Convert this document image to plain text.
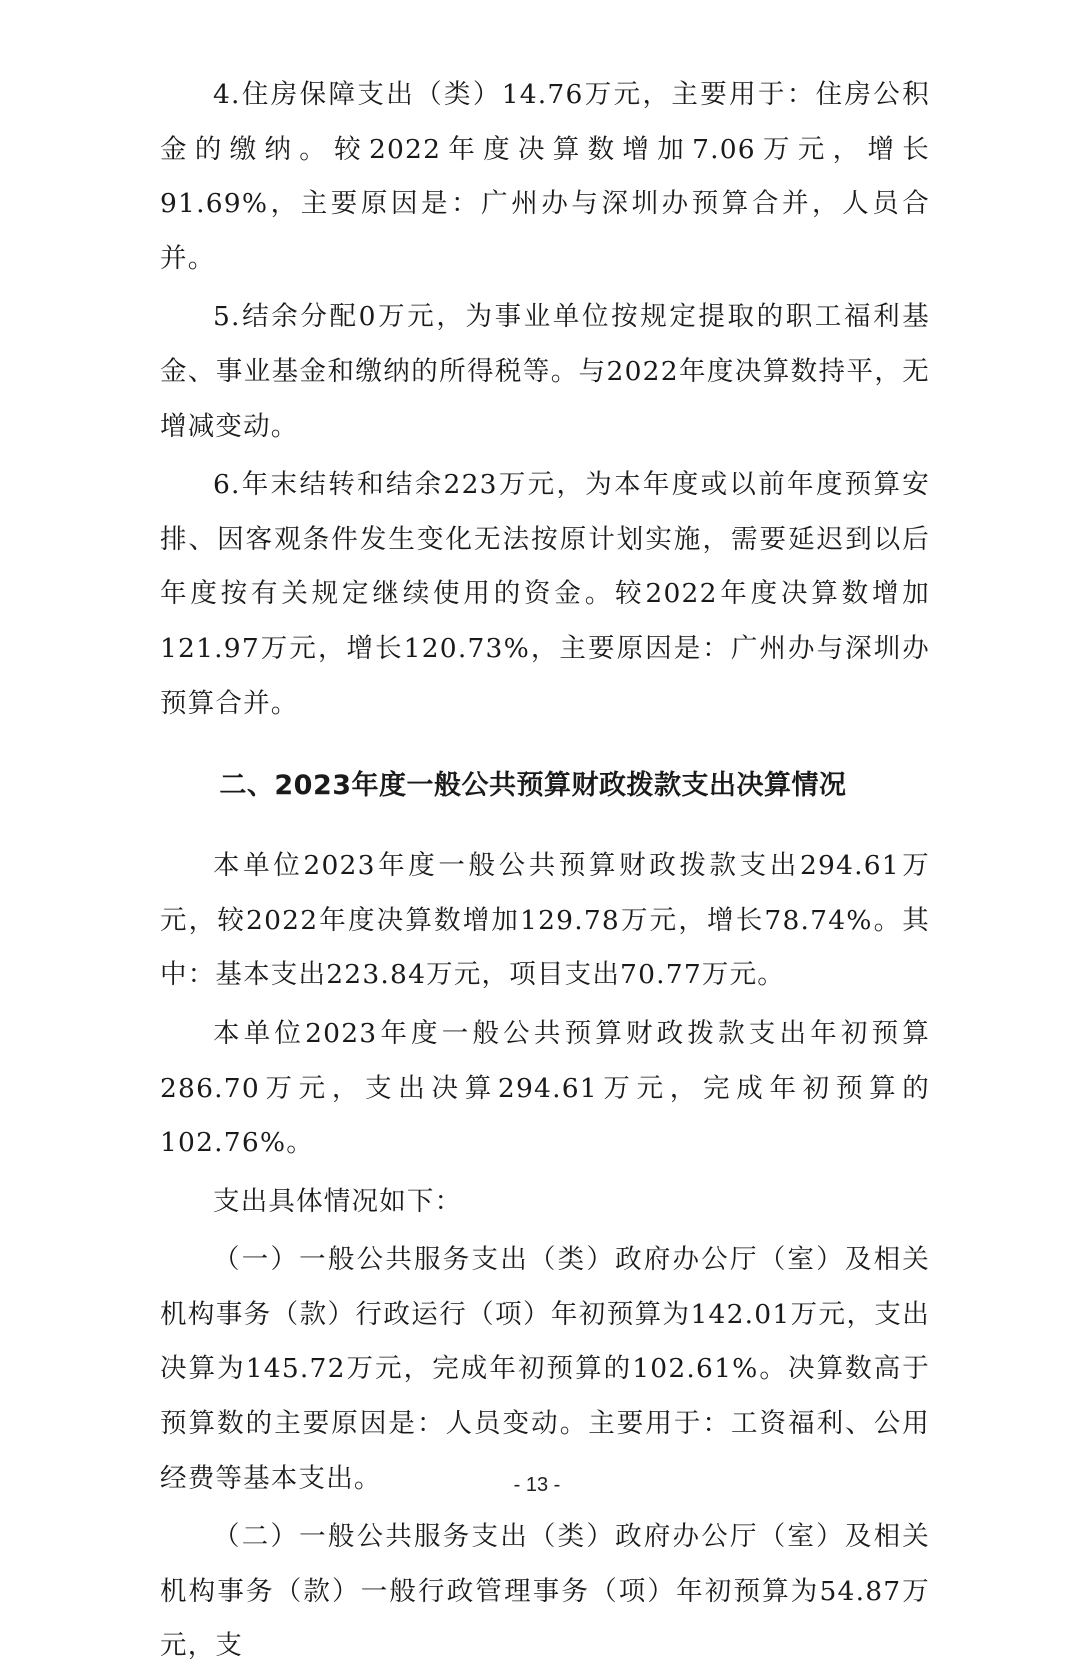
4.住房保障支出（类）14.76万元，主要用于：住房公积金的缴纳。较2022年度决算数增加7.06万元，增长91.69%，主要原因是：广州办与深圳办预算合并，人员合并。

5.结余分配0万元，为事业单位按规定提取的职工福利基金、事业基金和缴纳的所得税等。与2022年度决算数持平，无增减变动。

6.年末结转和结余223万元，为本年度或以前年度预算安排、因客观条件发生变化无法按原计划实施，需要延迟到以后年度按有关规定继续使用的资金。较2022年度决算数增加121.97万元，增长120.73%，主要原因是：广州办与深圳办预算合并。

二、2023年度一般公共预算财政拨款支出决算情况

本单位2023年度一般公共预算财政拨款支出294.61万元，较2022年度决算数增加129.78万元，增长78.74%。其中：基本支出223.84万元，项目支出70.77万元。

本单位2023年度一般公共预算财政拨款支出年初预算286.70万元，支出决算294.61万元，完成年初预算的102.76%。

支出具体情况如下：

（一）一般公共服务支出（类）政府办公厅（室）及相关机构事务（款）行政运行（项）年初预算为142.01万元，支出决算为145.72万元，完成年初预算的102.61%。决算数高于预算数的主要原因是：人员变动。主要用于：工资福利、公用经费等基本支出。

（二）一般公共服务支出（类）政府办公厅（室）及相关机构事务（款）一般行政管理事务（项）年初预算为54.87万元，支

- 13 -
